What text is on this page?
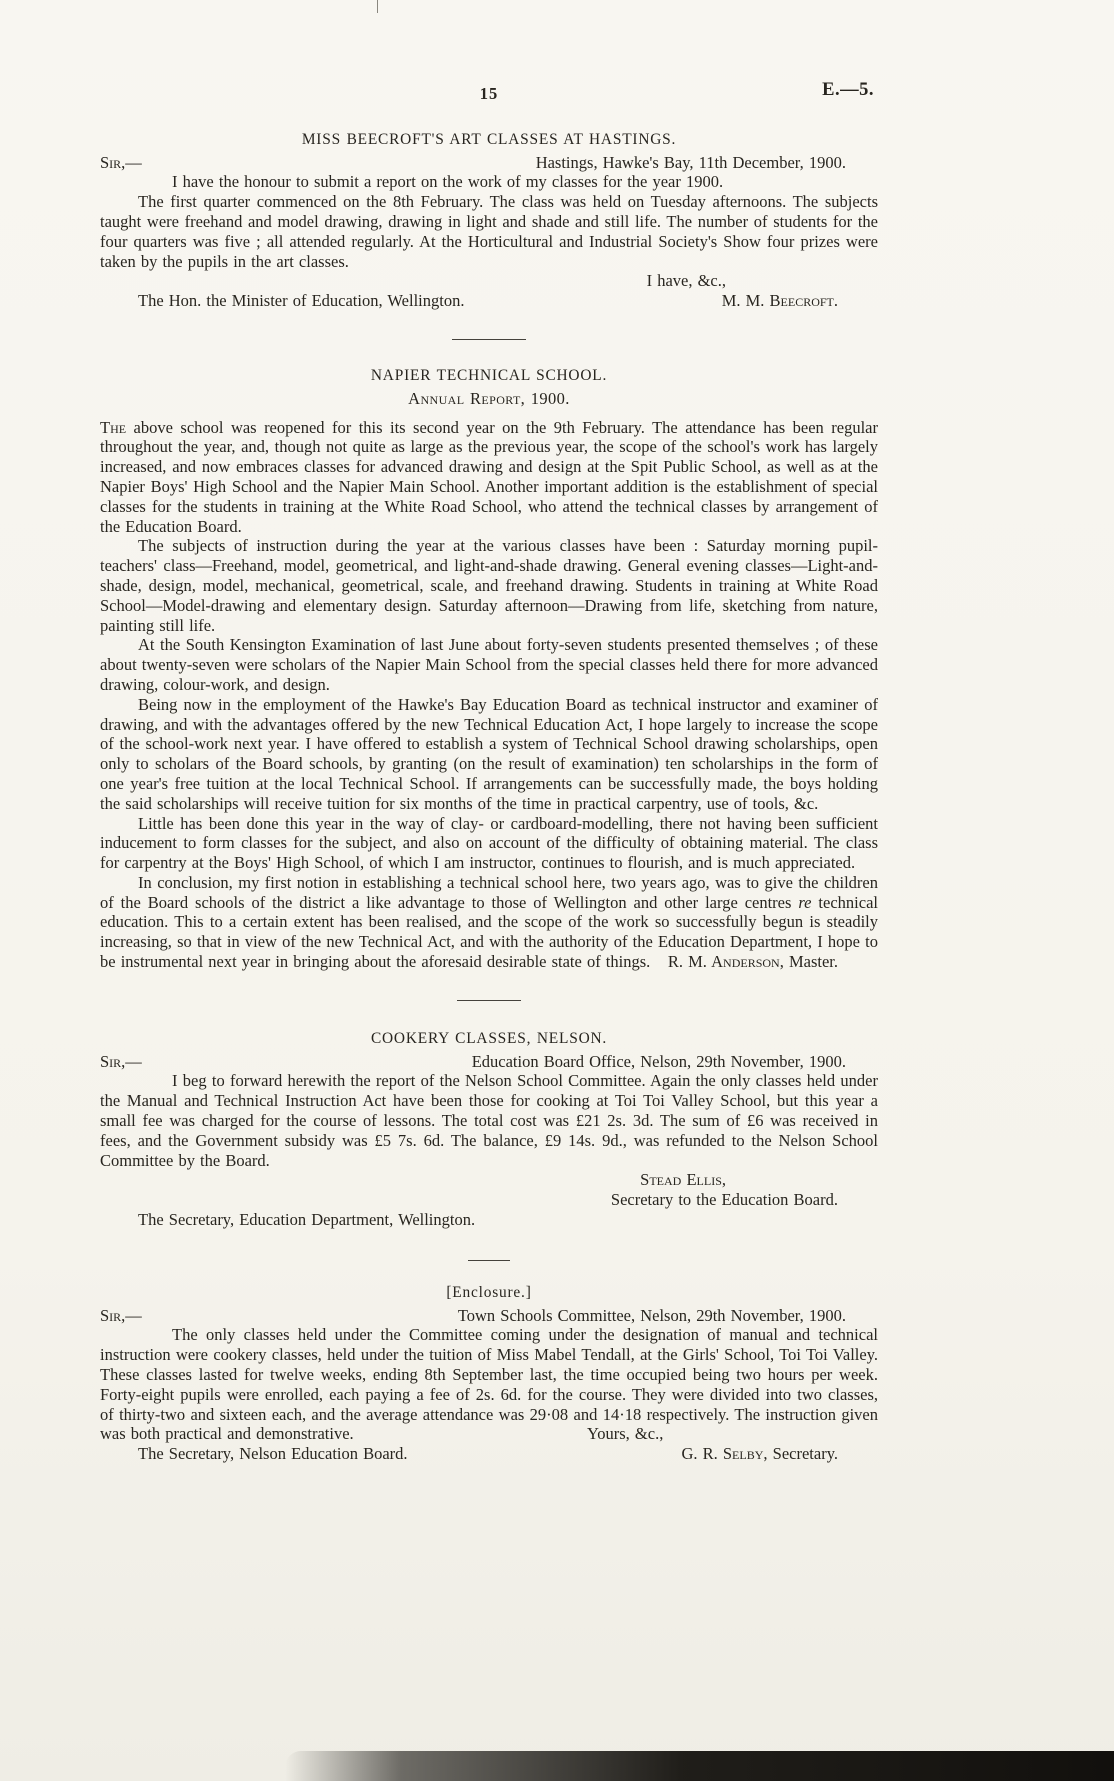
15	E.—5.
MISS BEECROFT'S ART CLASSES AT HASTINGS.
Sir,—	Hastings, Hawke's Bay, 11th December, 1900.

I have the honour to submit a report on the work of my classes for the year 1900.

The first quarter commenced on the 8th February. The class was held on Tuesday afternoons. The subjects taught were freehand and model drawing, drawing in light and shade and still life. The number of students for the four quarters was five ; all attended regularly. At the Horticultural and Industrial Society's Show four prizes were taken by the pupils in the art classes.

I have, &c.,
The Hon. the Minister of Education, Wellington.	M. M. Beecroft.
NAPIER TECHNICAL SCHOOL.
Annual Report, 1900.

The above school was reopened for this its second year on the 9th February. The attendance has been regular throughout the year, and, though not quite as large as the previous year, the scope of the school's work has largely increased, and now embraces classes for advanced drawing and design at the Spit Public School, as well as at the Napier Boys' High School and the Napier Main School. Another important addition is the establishment of special classes for the students in training at the White Road School, who attend the technical classes by arrangement of the Education Board.

The subjects of instruction during the year at the various classes have been : Saturday morning pupil-teachers' class—Freehand, model, geometrical, and light-and-shade drawing. General evening classes—Light-and-shade, design, model, mechanical, geometrical, scale, and freehand drawing. Students in training at White Road School—Model-drawing and elementary design. Saturday afternoon—Drawing from life, sketching from nature, painting still life.

At the South Kensington Examination of last June about forty-seven students presented themselves ; of these about twenty-seven were scholars of the Napier Main School from the special classes held there for more advanced drawing, colour-work, and design.

Being now in the employment of the Hawke's Bay Education Board as technical instructor and examiner of drawing, and with the advantages offered by the new Technical Education Act, I hope largely to increase the scope of the school-work next year. I have offered to establish a system of Technical School drawing scholarships, open only to scholars of the Board schools, by granting (on the result of examination) ten scholarships in the form of one year's free tuition at the local Technical School. If arrangements can be successfully made, the boys holding the said scholarships will receive tuition for six months of the time in practical carpentry, use of tools, &c.

Little has been done this year in the way of clay- or cardboard-modelling, there not having been sufficient inducement to form classes for the subject, and also on account of the difficulty of obtaining material. The class for carpentry at the Boys' High School, of which I am instructor, continues to flourish, and is much appreciated.

In conclusion, my first notion in establishing a technical school here, two years ago, was to give the children of the Board schools of the district a like advantage to those of Wellington and other large centres re technical education. This to a certain extent has been realised, and the scope of the work so successfully begun is steadily increasing, so that in view of the new Technical Act, and with the authority of the Education Department, I hope to be instrumental next year in bringing about the aforesaid desirable state of things.	R. M. Anderson, Master.
COOKERY CLASSES, NELSON.
Sir,—	Education Board Office, Nelson, 29th November, 1900.

I beg to forward herewith the report of the Nelson School Committee. Again the only classes held under the Manual and Technical Instruction Act have been those for cooking at Toi Toi Valley School, but this year a small fee was charged for the course of lessons. The total cost was £21 2s. 3d. The sum of £6 was received in fees, and the Government subsidy was £5 7s. 6d. The balance, £9 14s. 9d., was refunded to the Nelson School Committee by the Board.

Stead Ellis,
Secretary to the Education Board.
The Secretary, Education Department, Wellington.
[Enclosure.]
Sir,—	Town Schools Committee, Nelson, 29th November, 1900.

The only classes held under the Committee coming under the designation of manual and technical instruction were cookery classes, held under the tuition of Miss Mabel Tendall, at the Girls' School, Toi Toi Valley. These classes lasted for twelve weeks, ending 8th September last, the time occupied being two hours per week. Forty-eight pupils were enrolled, each paying a fee of 2s. 6d. for the course. They were divided into two classes, of thirty-two and sixteen each, and the average attendance was 29·08 and 14·18 respectively. The instruction given was both practical and demonstrative.	Yours, &c.,
The Secretary, Nelson Education Board.	G. R. Selby, Secretary.
